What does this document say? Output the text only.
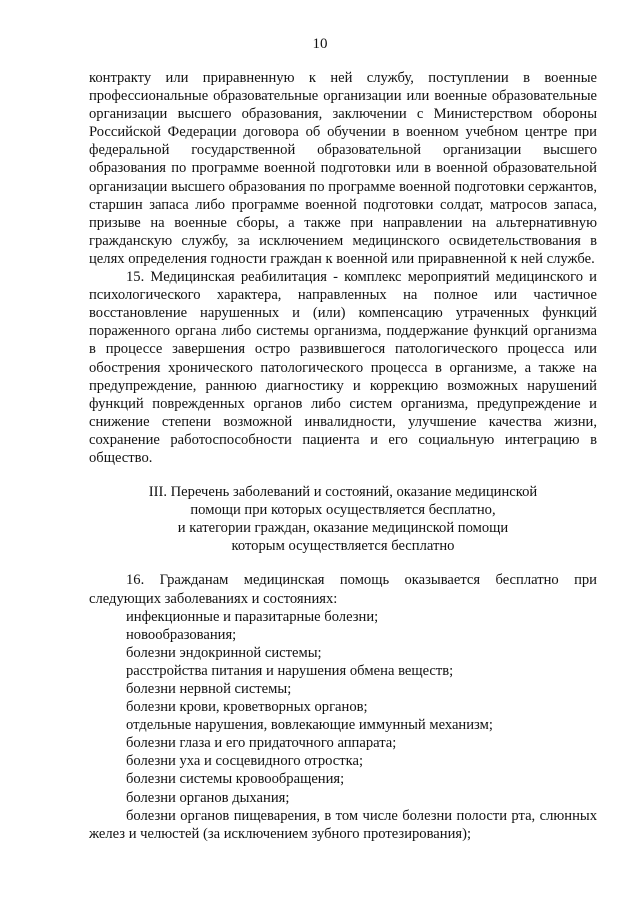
10

контракту или приравненную к ней службу, поступлении в военные профессиональные образовательные организации или военные образовательные организации высшего образования, заключении с Министерством обороны Российской Федерации договора об обучении в военном учебном центре при федеральной государственной образовательной организации высшего образования по программе военной подготовки или в военной образовательной организации высшего образования по программе военной подготовки сержантов, старшин запаса либо программе военной подготовки солдат, матросов запаса, призыве на военные сборы, а также при направлении на альтернативную гражданскую службу, за исключением медицинского освидетельствования в целях определения годности граждан к военной или приравненной к ней службе.

15. Медицинская реабилитация - комплекс мероприятий медицинского и психологического характера, направленных на полное или частичное восстановление нарушенных и (или) компенсацию утраченных функций пораженного органа либо системы организма, поддержание функций организма в процессе завершения остро развившегося патологического процесса или обострения хронического патологического процесса в организме, а также на предупреждение, раннюю диагностику и коррекцию возможных нарушений функций поврежденных органов либо систем организма, предупреждение и снижение степени возможной инвалидности, улучшение качества жизни, сохранение работоспособности пациента и его социальную интеграцию в общество.

III. Перечень заболеваний и состояний, оказание медицинской
помощи при которых осуществляется бесплатно,
и категории граждан, оказание медицинской помощи
которым осуществляется бесплатно

16. Гражданам медицинская помощь оказывается бесплатно при следующих заболеваниях и состояниях:

инфекционные и паразитарные болезни;
новообразования;
болезни эндокринной системы;
расстройства питания и нарушения обмена веществ;
болезни нервной системы;
болезни крови, кроветворных органов;
отдельные нарушения, вовлекающие иммунный механизм;
болезни глаза и его придаточного аппарата;
болезни уха и сосцевидного отростка;
болезни системы кровообращения;
болезни органов дыхания;
болезни органов пищеварения, в том числе болезни полости рта, слюнных желез и челюстей (за исключением зубного протезирования);
